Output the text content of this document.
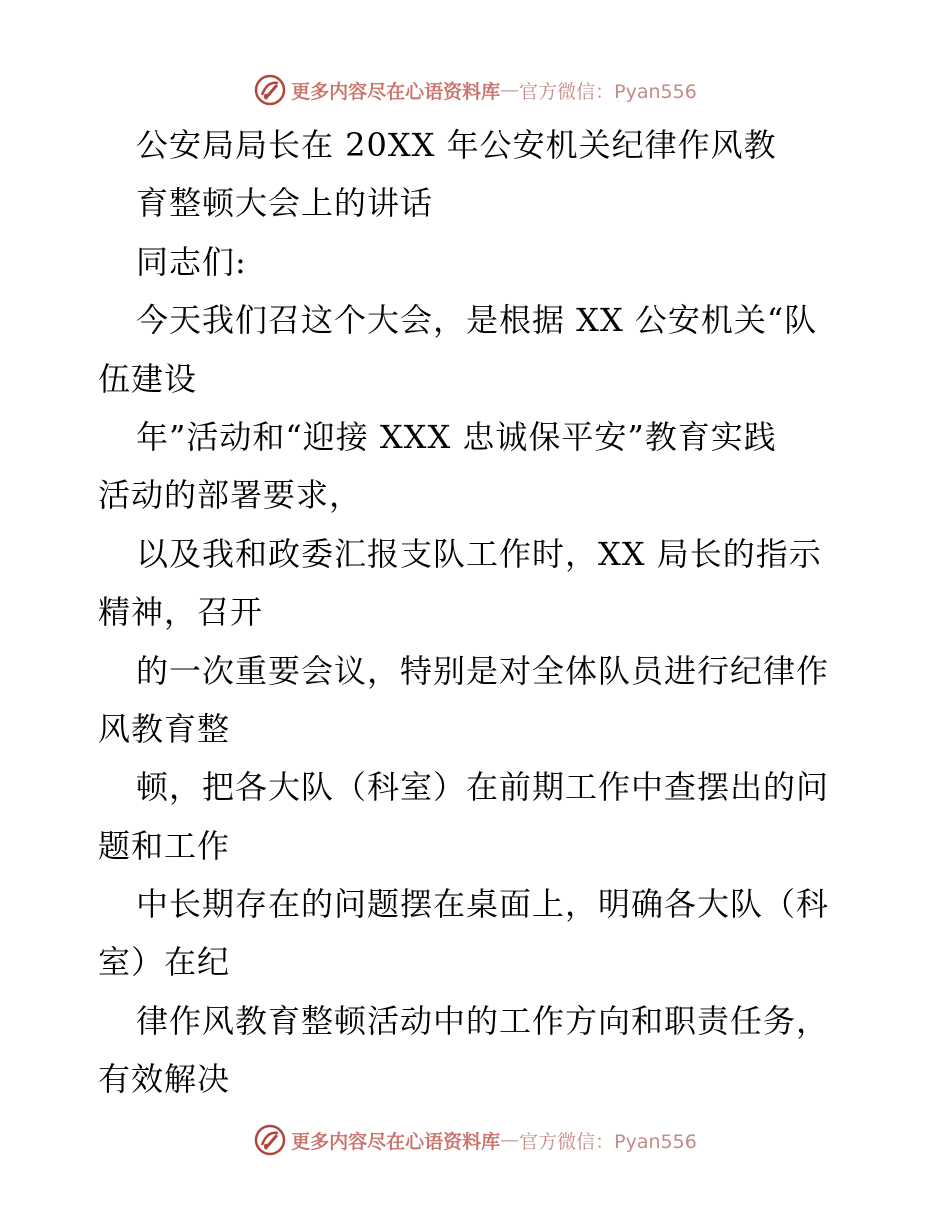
更多内容尽在心语资料库 — 官方微信：Pyan556
公安局局长在 20XX 年公安机关纪律作风教
育整顿大会上的讲话
同志们:
今天我们召这个大会，是根据 XX 公安机关“队
伍建设
年”活动和“迎接 XXX 忠诚保平安”教育实践
活动的部署要求，
以及我和政委汇报支队工作时，XX 局长的指示
精神，召开
的一次重要会议，特别是对全体队员进行纪律作
风教育整
顿，把各大队（科室）在前期工作中查摆出的问
题和工作
中长期存在的问题摆在桌面上，明确各大队（科
室）在纪
律作风教育整顿活动中的工作方向和职责任务，
有效解决
更多内容尽在心语资料库 — 官方微信：Pyan556
